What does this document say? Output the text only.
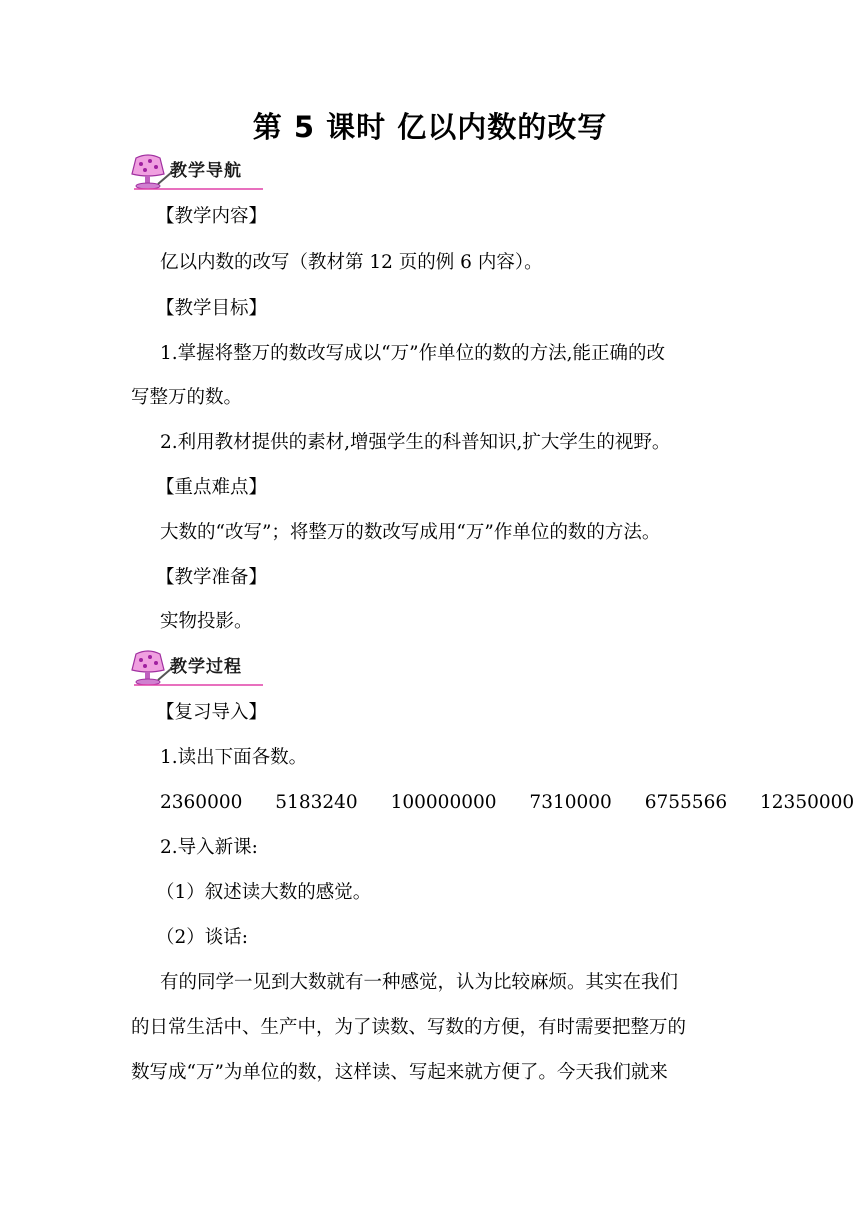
第 5 课时 亿以内数的改写
教学导航
【教学内容】
亿以内数的改写（教材第 12 页的例 6 内容）。
【教学目标】
1.掌握将整万的数改写成以“万”作单位的数的方法,能正确的改
写整万的数。
2.利用教材提供的素材,增强学生的科普知识,扩大学生的视野。
【重点难点】
大数的“改写”；将整万的数改写成用“万”作单位的数的方法。
【教学准备】
实物投影。
教学过程
【复习导入】
1.读出下面各数。
2360000 5183240 100000000 7310000 6755566 12350000
2.导入新课:
（1）叙述读大数的感觉。
（2）谈话:
有的同学一见到大数就有一种感觉，认为比较麻烦。其实在我们
的日常生活中、生产中，为了读数、写数的方便，有时需要把整万的
数写成“万”为单位的数，这样读、写起来就方便了。今天我们就来
